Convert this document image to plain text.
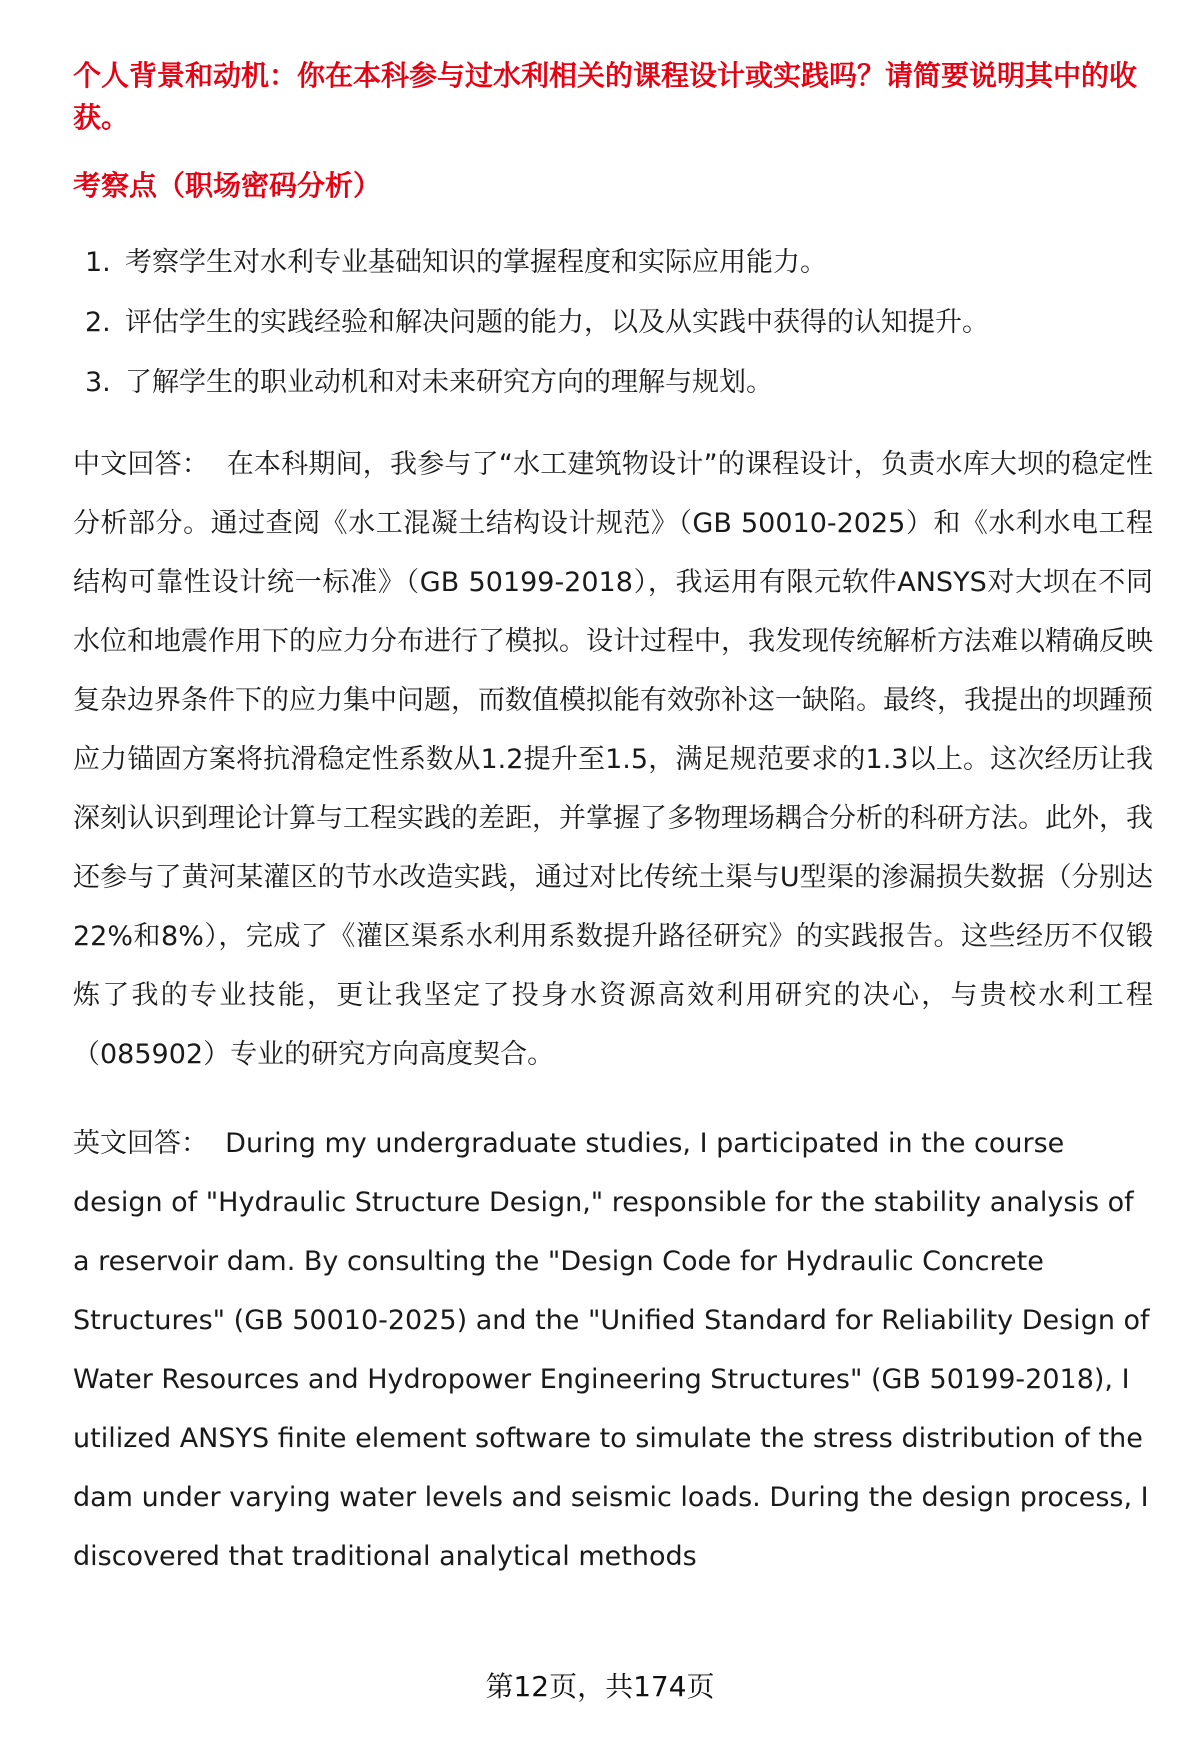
个人背景和动机：你在本科参与过水利相关的课程设计或实践吗？请简要说明其中的收获。

考察点（职场密码分析）

1. 考察学生对水利专业基础知识的掌握程度和实际应用能力。
2. 评估学生的实践经验和解决问题的能力，以及从实践中获得的认知提升。
3. 了解学生的职业动机和对未来研究方向的理解与规划。

中文回答： 在本科期间，我参与了“水工建筑物设计”的课程设计，负责水库大坝的稳定性分析部分。通过查阅《水工混凝土结构设计规范》（GB 50010-2025）和《水利水电工程结构可靠性设计统一标准》（GB 50199-2018），我运用有限元软件ANSYS对大坝在不同水位和地震作用下的应力分布进行了模拟。设计过程中，我发现传统解析方法难以精确反映复杂边界条件下的应力集中问题，而数值模拟能有效弥补这一缺陷。最终，我提出的坝踵预应力锚固方案将抗滑稳定性系数从1.2提升至1.5，满足规范要求的1.3以上。这次经历让我深刻认识到理论计算与工程实践的差距，并掌握了多物理场耦合分析的科研方法。此外，我还参与了黄河某灌区的节水改造实践，通过对比传统土渠与U型渠的渗漏损失数据（分别达22%和8%），完成了《灌区渠系水利用系数提升路径研究》的实践报告。这些经历不仅锻炼了我的专业技能，更让我坚定了投身水资源高效利用研究的决心，与贵校水利工程（085902）专业的研究方向高度契合。

英文回答： During my undergraduate studies, I participated in the course design of "Hydraulic Structure Design," responsible for the stability analysis of a reservoir dam. By consulting the "Design Code for Hydraulic Concrete Structures" (GB 50010-2025) and the "Unified Standard for Reliability Design of Water Resources and Hydropower Engineering Structures" (GB 50199-2018), I utilized ANSYS finite element software to simulate the stress distribution of the dam under varying water levels and seismic loads. During the design process, I discovered that traditional analytical methods

第12页，共174页
